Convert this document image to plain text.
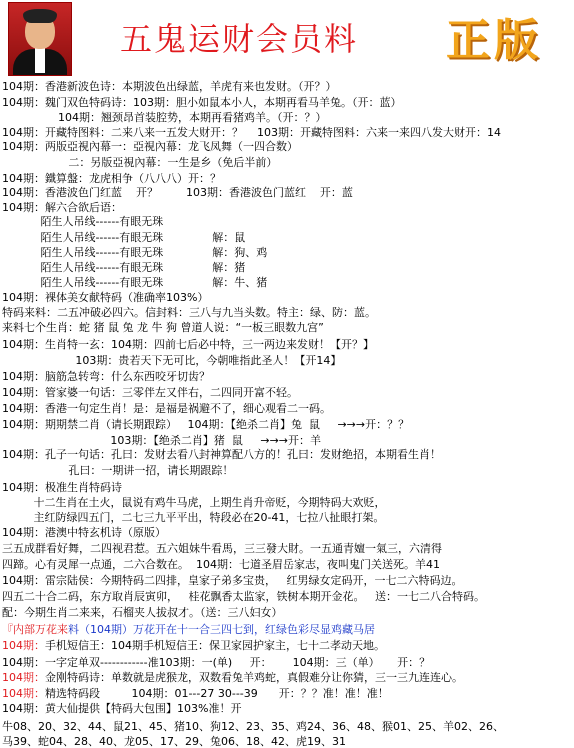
五鬼运财会员料 正版
104期：香港新波色诗：本期波色出绿蓝，羊虎有来也发财。（开？）
104期：魏门双色特码诗：103期：胆小如鼠本小人，本期再看马羊兔。（开：蓝）
104期：翘颈昂首装腔势，本期再看猪鸡羊。（开：？）
104期：开藏特图料：二来八来一五发大财开：？    103期：开藏特图料：六来一来四八发大财开：14
104期：两版亞視內幕一：亞視內幕：龙飞凤舞（一四合数）
二：另版亞視內幕：一生是乡（免后半前）
104期：鐵算盤：龙虎相争（八八八）开：？
104期：香港波色门红蓝    开？        103期：香港波色门蓝红    开：蓝
104期：解六合欲后语：
陌生人吊线------有眼无珠
陌生人吊线------有眼无珠              解：鼠
陌生人吊线------有眼无珠              解：狗、鸡
陌生人吊线------有眼无珠              解：猪
陌生人吊线------有眼无珠              解：牛、猪
104期：裸体美女献特码（准确率103%）
特码来料：二五冲破必四六。信封料：三八与九当头数。特主：绿、防：蓝。
来料七个生肖：蛇 猪 鼠 兔 龙 牛 狗 曾道人说：“一板三眼数九宫”
104期：生肖特一玄：104期：四前七后必中特，三一两边来发财！【开？】
103期：贵若天下无可比，今朝唯指此圣人！【开14】
104期：脑筋急转弯：什么东西咬牙切齿？
104期：管家婆一句话：三零伴左又伴右，二四同开富不轻。
104期：香港一句定生肖！是：是福是祸避不了，细心观看二一码。
104期：期期禁二肖（请长期跟踪）   104期：【绝杀二肖】兔  鼠     →→→开：？？
103期：【绝杀二肖】猪  鼠     →→→开：羊
104期：孔子一句话：孔曰：发财去看八封神算配八方的！孔曰：发财绝招，本期看生肖！
孔曰：一期讲一招，请长期跟踪！
104期：极准生肖特码诗
十二生肖在土火，鼠说有鸡牛马虎，上期生肖升帝贬，今期特码大欢贬，
主红防绿四五门，二七三九平平出，特段必在20-41，七拉八扯眼打架。
104期：港澳中特玄机诗（原版）
三五成群看好舞，二四视君惹。五六姐妹牛看馬，三三發大財。一五通青嬗一氣三，六清得
四蹄。心有灵犀一点通，二六合数在。  104期：七道圣眉岳家志，夜叫鬼门关送死。羊41
104期：雷宗陆侯：今期特码二四排，皇家子弟多宝贵，   红男绿女定码开，一七二六特码边。
四五二十合二码，东方取肖辰寅卯，   桂花飘香太监家，铁树本期开金花。   送：一七二八合特码。
配：今期生肖二来来，石榴夹人拔叔才。（送：三八妇女）
『内部万花来料（104期）万花开在十一合三四七到，红绿色彩尽显鸡藏马居
104期：手机短信王：104期手机短信王：保卫家园护家主，七十二孝动天地。
104期：一字定单双------------准103期：一(单)     开：      104期：三（单）     开：？
104期：金刚特码诗：单数就是虎猴龙，双数看兔羊鸡蛇，真假难分让你猜，三一三九连连心。
104期：精选特码段         104期：01---27 30---39      开：？？准！准！准！
104期：黄大仙提供【特码大包围】103%准！开
牛08、20、32、44、鼠21、45、猪10、狗12、23、35、鸡24、36、48、猴01、25、羊02、26、
马39、蛇04、28、40、龙05、17、29、兔06、18、42、虎19、31
